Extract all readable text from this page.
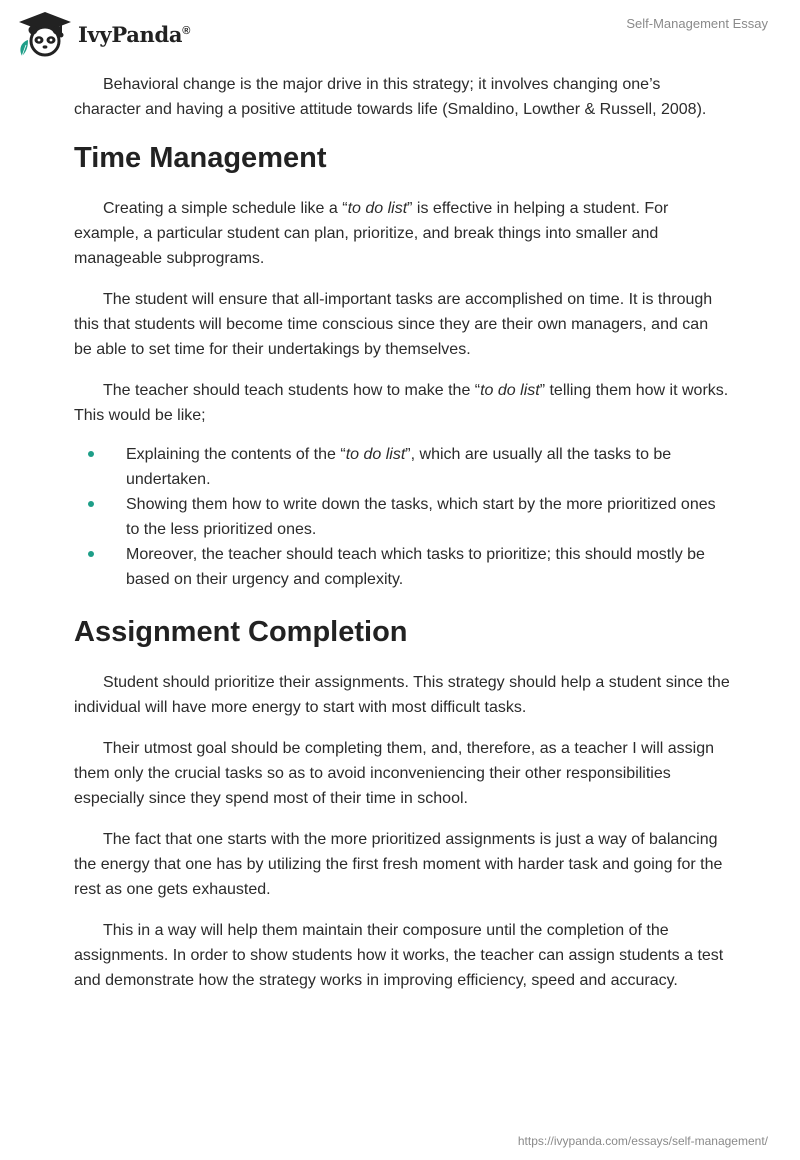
IvyPanda®	Self-Management Essay

Behavioral change is the major drive in this strategy; it involves changing one’s character and having a positive attitude towards life (Smaldino, Lowther & Russell, 2008).

Time Management

Creating a simple schedule like a “to do list” is effective in helping a student. For example, a particular student can plan, prioritize, and break things into smaller and manageable subprograms.

The student will ensure that all-important tasks are accomplished on time. It is through this that students will become time conscious since they are their own managers, and can be able to set time for their undertakings by themselves.

The teacher should teach students how to make the “to do list” telling them how it works. This would be like;

Explaining the contents of the “to do list”, which are usually all the tasks to be undertaken.
Showing them how to write down the tasks, which start by the more prioritized ones to the less prioritized ones.
Moreover, the teacher should teach which tasks to prioritize; this should mostly be based on their urgency and complexity.
Assignment Completion

Student should prioritize their assignments. This strategy should help a student since the individual will have more energy to start with most difficult tasks.

Their utmost goal should be completing them, and, therefore, as a teacher I will assign them only the crucial tasks so as to avoid inconveniencing their other responsibilities especially since they spend most of their time in school.

The fact that one starts with the more prioritized assignments is just a way of balancing the energy that one has by utilizing the first fresh moment with harder task and going for the rest as one gets exhausted.

This in a way will help them maintain their composure until the completion of the assignments. In order to show students how it works, the teacher can assign students a test and demonstrate how the strategy works in improving efficiency, speed and accuracy.

https://ivypanda.com/essays/self-management/
